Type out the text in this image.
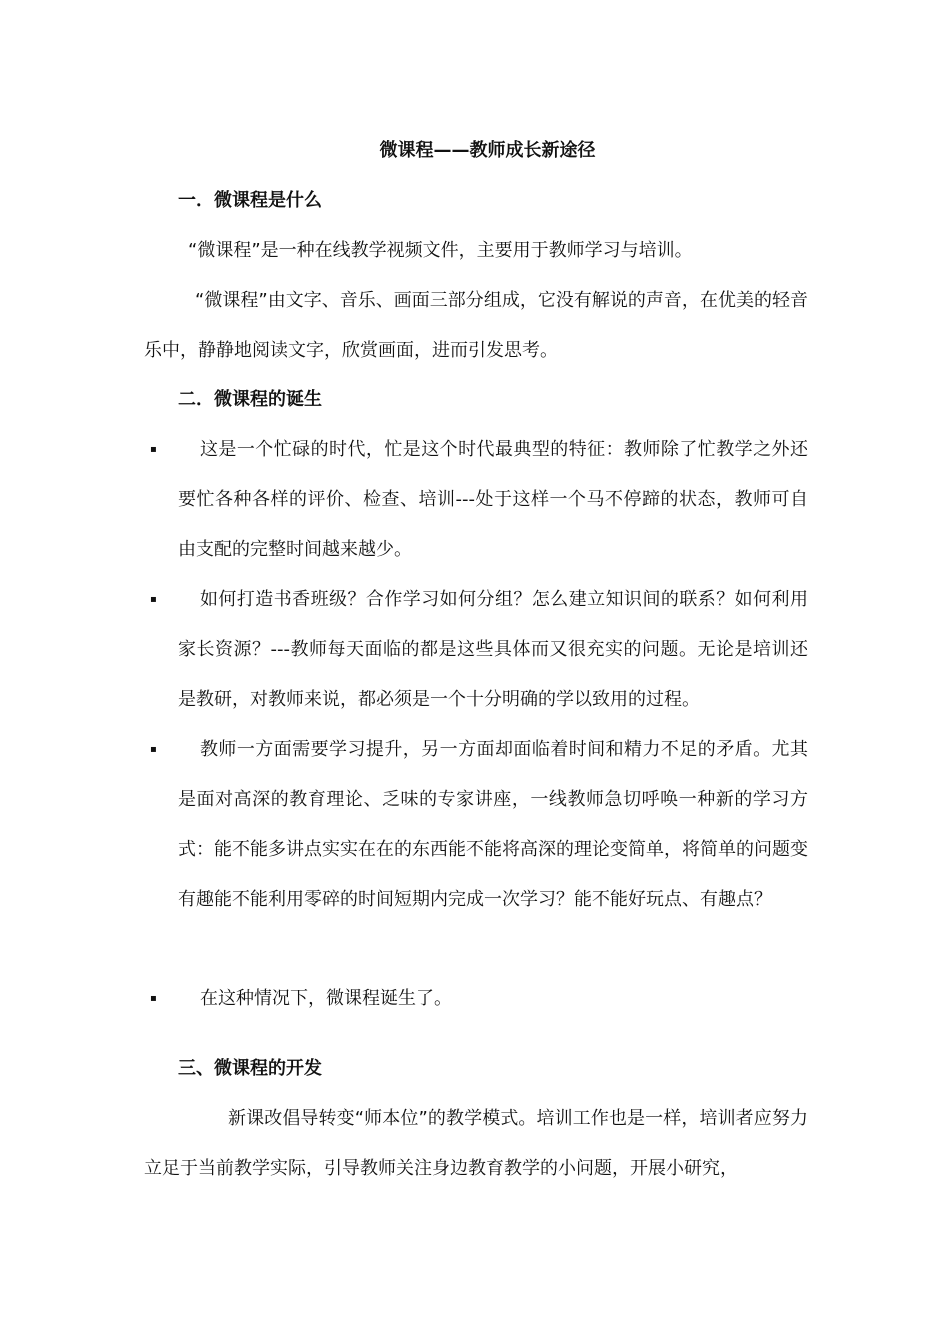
微课程——教师成长新途径
一．微课程是什么
“微课程”是一种在线教学视频文件，主要用于教师学习与培训。
“微课程”由文字、音乐、画面三部分组成，它没有解说的声音，在优美的轻音乐中，静静地阅读文字，欣赏画面，进而引发思考。
二．微课程的诞生
▪	这是一个忙碌的时代，忙是这个时代最典型的特征：教师除了忙教学之外还要忙各种各样的评价、检查、培训---处于这样一个马不停蹄的状态，教师可自由支配的完整时间越来越少。
▪	如何打造书香班级？合作学习如何分组？怎么建立知识间的联系？如何利用家长资源？---教师每天面临的都是这些具体而又很充实的问题。无论是培训还是教研，对教师来说，都必须是一个十分明确的学以致用的过程。
▪	教师一方面需要学习提升，另一方面却面临着时间和精力不足的矛盾。尤其是面对高深的教育理论、乏味的专家讲座，一线教师急切呼唤一种新的学习方式：能不能多讲点实实在在的东西能不能将高深的理论变简单，将简单的问题变有趣能不能利用零碎的时间短期内完成一次学习？能不能好玩点、有趣点？
▪	在这种情况下，微课程诞生了。
三、微课程的开发
新课改倡导转变“师本位”的教学模式。培训工作也是一样，培训者应努力立足于当前教学实际，引导教师关注身边教育教学的小问题，开展小研究，
